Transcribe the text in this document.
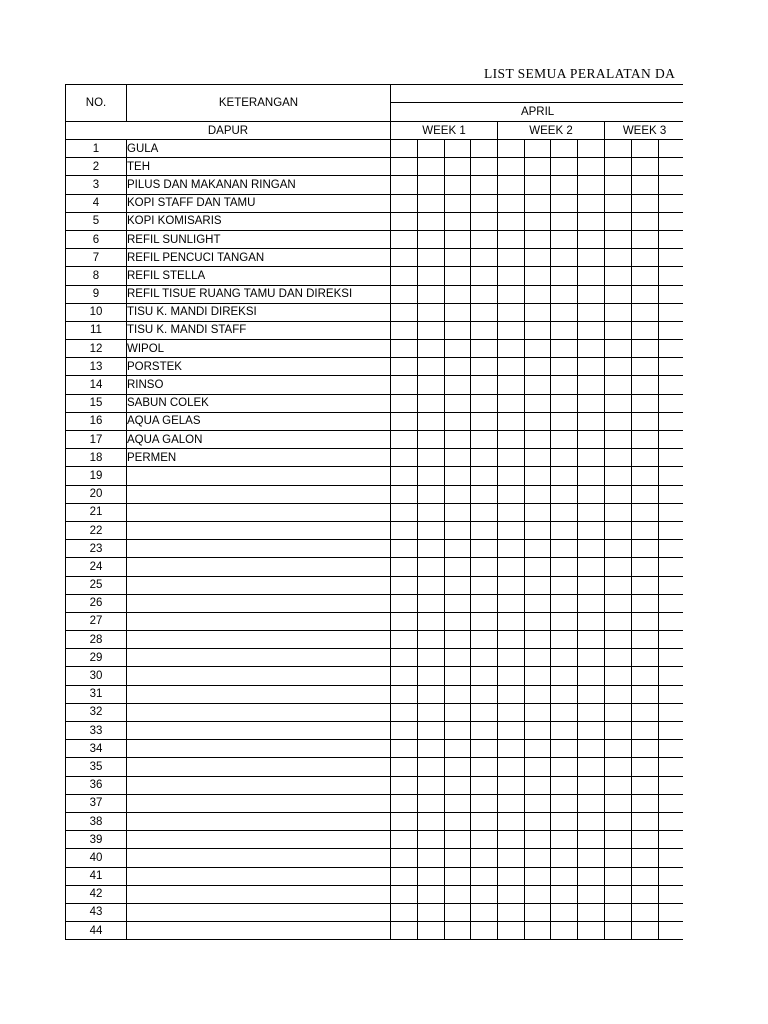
LIST SEMUA PERALATAN DA
NO.	KETERANGAN											
		APRIL										
DAPUR		WEEK 1				WEEK 2				WEEK 3		
1	GULA											
2	TEH											
3	PILUS DAN MAKANAN RINGAN											
4	KOPI STAFF DAN TAMU											
5	KOPI KOMISARIS											
6	REFIL SUNLIGHT											
7	REFIL PENCUCI TANGAN											
8	REFIL STELLA											
9	REFIL TISUE RUANG TAMU DAN DIREKSI											
10	TISU K. MANDI DIREKSI											
11	TISU K. MANDI STAFF											
12	WIPOL											
13	PORSTEK											
14	RINSO											
15	SABUN COLEK											
16	AQUA GELAS											
17	AQUA GALON											
18	PERMEN											
19												
20												
21												
22												
23												
24												
25												
26												
27												
28												
29												
30												
31												
32												
33												
34												
35												
36												
37												
38												
39												
40												
41												
42												
43												
44												
